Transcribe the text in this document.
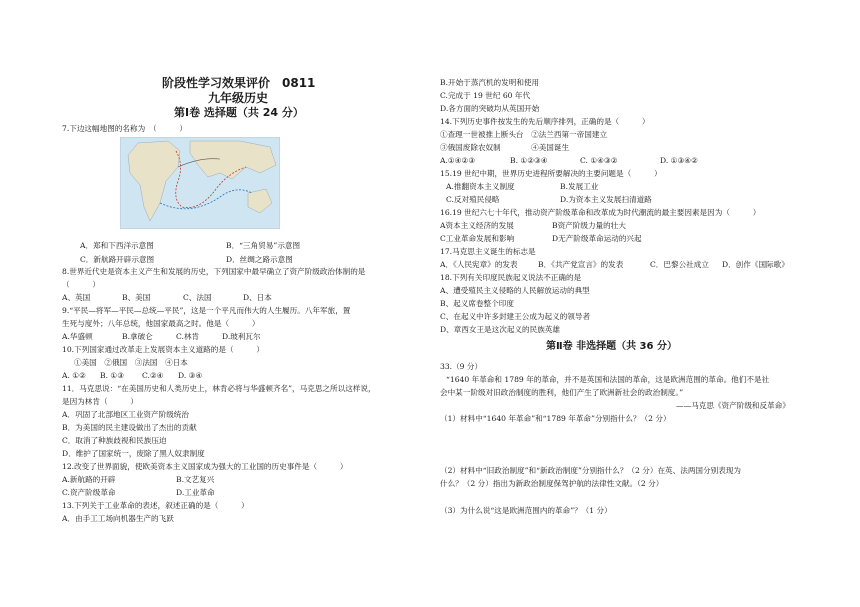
阶段性学习效果评价　0811
九年级历史
第Ⅰ卷 选择题（共 24 分）
7.下边这幅地图的名称为　（　　　）
A．郑和下西洋示意图	B．“三角贸易”示意图
C．新航路开辟示意图	D．丝绸之路示意图
8.世界近代史是资本主义产生和发展的历史，下列国家中最早确立了资产阶级政治体制的是
（　　　）
A、英国	B、美国	C、法国	D、日本
9.“平民—将军—平民—总统—平民”，这是一个平凡而伟大的人生履历。八年军旅，置
生死与度外；八年总统，他国家最高之时。他是（　　　）
A.华盛顿	B.拿破仑	C.林肯	D.玻利瓦尔
10.下列国家通过改革走上发展资本主义道路的是（　　　）
①美国　②俄国　③法国　④日本
A. ①② B. ①③ C.②④ D. ③④
11．马克思说：“在美国历史和人类历史上，林肯必将与华盛顿齐名”，马克思之所以这样说，
是因为林肯（　　　）
A．巩固了北部地区工业资产阶级统治
B．为美国的民主建设做出了杰出的贡献
C．取消了种族歧视和民族压迫
D．维护了国家统一，废除了黑人奴隶制度
12.改变了世界面貌，使欧美资本主义国家成为强大的工业国的历史事件是（　　　）
A.新航路的开辟	B.文艺复兴
C.资产阶级革命	D.工业革命
13.下列关于工业革命的表述，叙述正确的是（　　　）
A．由手工工场向机器生产的飞跃
B.开始于蒸汽机的发明和使用
C.完成于 19 世纪 60 年代
D.各方面的突破均从英国开始
14.下列历史事件按发生的先后顺序排列，正确的是（　　　）
①查理一世被推上断头台　②法兰西第一帝国建立
③俄国废除农奴制　　　　④美国诞生
A.①④②③	B. ①②③④	C. ①④③②	D. ①③④②
15.19 世纪中期，世界历史进程所要解决的主要问题是（　　　）
A.推翻资本主义制度	B.发展工业
C.反对殖民侵略	D.为资本主义发展扫清道路
16.19 世纪六七十年代，推动资产阶级革命和改革成为时代潮流的最主要因素是因为（　　　）
A资本主义经济的发展	B资产阶级力量的壮大
C工业革命发展和影响	D无产阶级革命运动的兴起
17.马克思主义诞生的标志是
A．《人民宪章》的发表	B．《共产党宣言》的发表	C．巴黎公社成立 D．创作《国际歌》
18.下列有关印度民族起义说法不正确的是
A、遭受殖民主义侵略的人民解放运动的典型
B、起义席卷整个印度
C、在起义中许多封建王公成为起义的领导者
D、章西女王是这次起义的民族英雄
第Ⅱ卷 非选择题（共 36 分）
33.（9 分）
“1640 年革命和 1789 年的革命，并不是英国和法国的革命，这是欧洲范围的革命。他们不是社
会中某一阶级对旧政治制度的胜利，他们产生了欧洲新社会的政治制度。”
——马克思《资产阶级和反革命》
（1）材料中“1640 年革命”和“1789 年革命”分别指什么？（2 分）
（2）材料中“旧政治制度”和“新政治制度”分别指什么？（2 分）在英、法两国分别表现为
什么？（2 分）指出为新政治制度保驾护航的法律性文献。（2 分）
（3）为什么说“这是欧洲范围内的革命”？（1 分）
